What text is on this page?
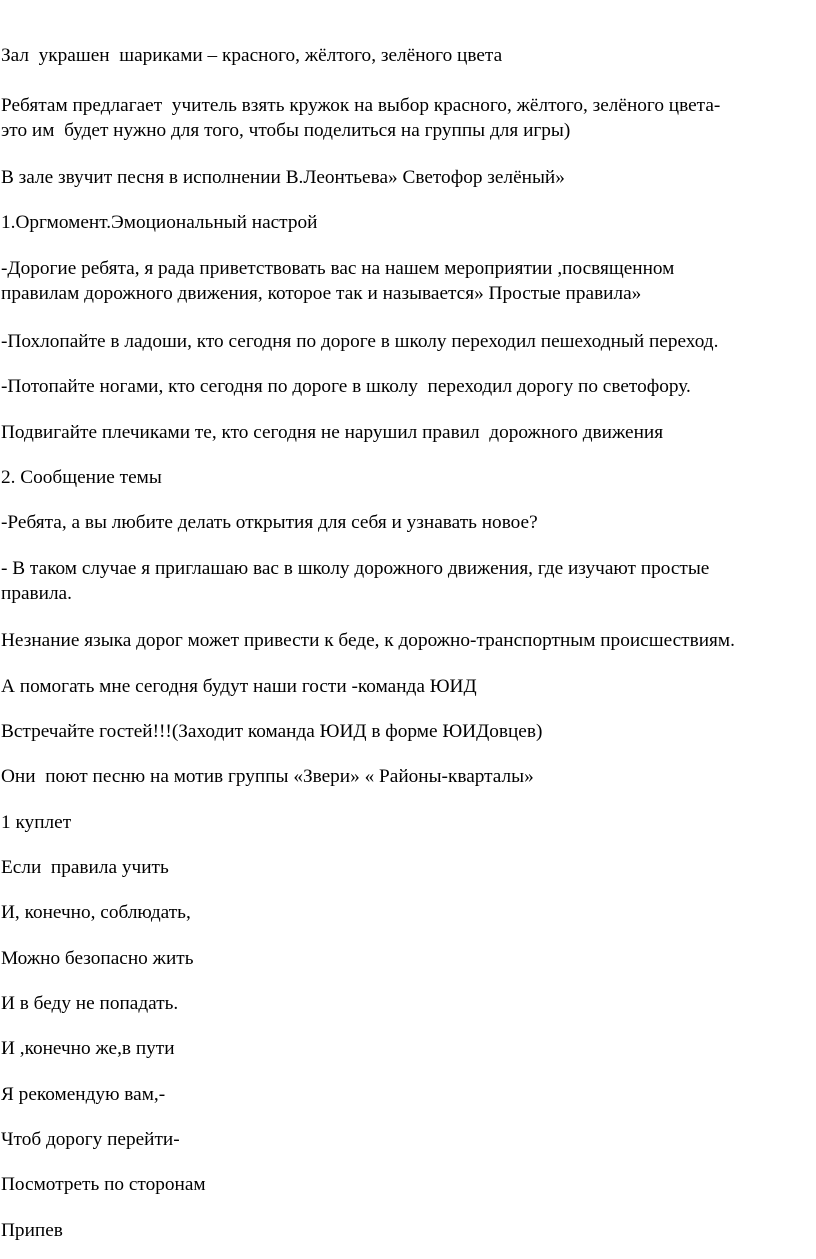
Зал  украшен  шариками – красного, жёлтого, зелёного цвета

Ребятам предлагает  учитель взять кружок на выбор красного, жёлтого, зелёного цвета-
это им  будет нужно для того, чтобы поделиться на группы для игры)

В зале звучит песня в исполнении В.Леонтьева» Светофор зелёный»

1.Оргмомент.Эмоциональный настрой

-Дорогие ребята, я рада приветствовать вас на нашем мероприятии ,посвященном
правилам дорожного движения, которое так и называется» Простые правила»

-Похлопайте в ладоши, кто сегодня по дороге в школу переходил пешеходный переход.

-Потопайте ногами, кто сегодня по дороге в школу  переходил дорогу по светофору.

Подвигайте плечиками те, кто сегодня не нарушил правил  дорожного движения

2. Сообщение темы

-Ребята, а вы любите делать открытия для себя и узнавать новое?

- В таком случае я приглашаю вас в школу дорожного движения, где изучают простые
правила.

Незнание языка дорог может привести к беде, к дорожно-транспортным происшествиям.

А помогать мне сегодня будут наши гости -команда ЮИД

Встречайте гостей!!!(Заходит команда ЮИД в форме ЮИДовцев)

Они  поют песню на мотив группы «Звери» « Районы-кварталы»

1 куплет

Если  правила учить

И, конечно, соблюдать,

Можно безопасно жить

И в беду не попадать.

И ,конечно же,в пути

Я рекомендую вам,-

Чтоб дорогу перейти-

Посмотреть по сторонам

Припев
